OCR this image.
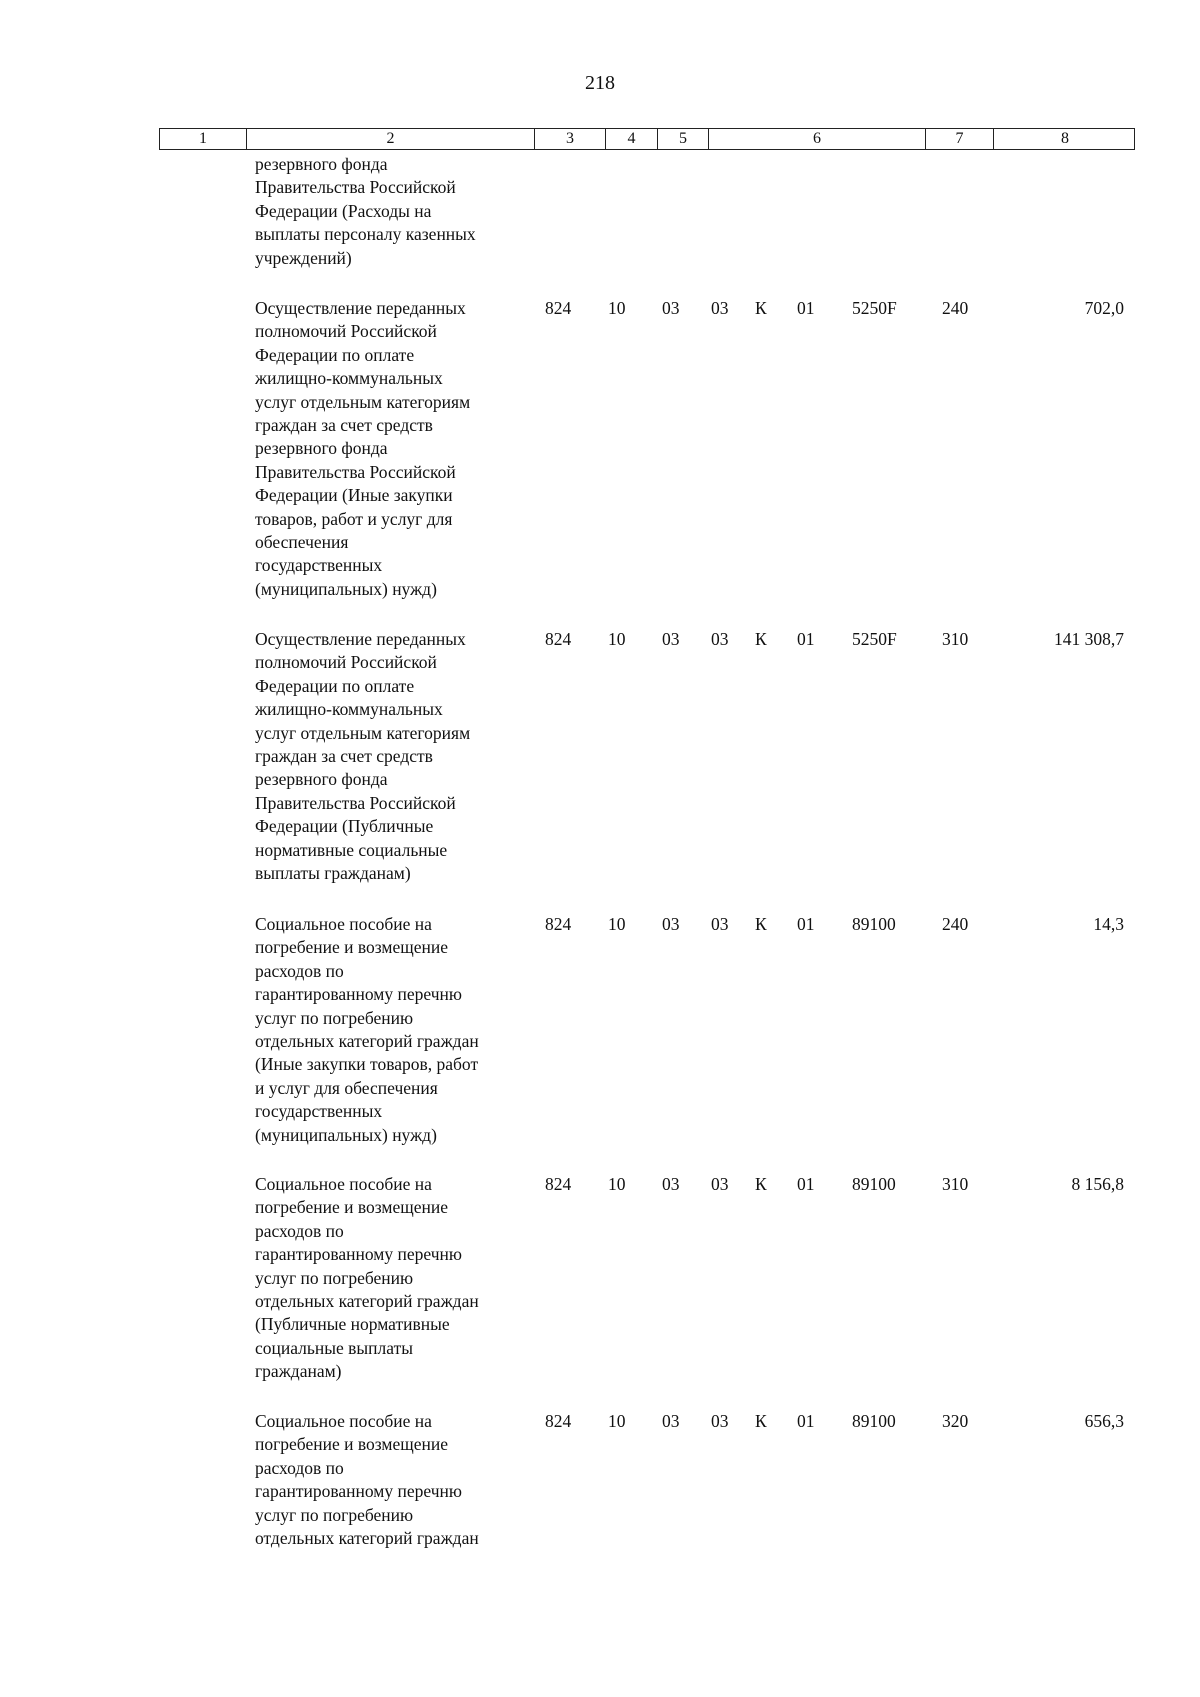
218
1	2	3	4	5	6	7	8
резервного фонда
Правительства Российской
Федерации (Расходы на
выплаты персоналу казенных
учреждений)
Осуществление переданных
полномочий Российской
Федерации по оплате
жилищно-коммунальных
услуг отдельным категориям
граждан за счет средств
резервного фонда
Правительства Российской
Федерации (Иные закупки
товаров, работ и услуг для
обеспечения
государственных
(муниципальных) нужд)
824 10 03 03 К 01 5250F	240	702,0
Осуществление переданных
полномочий Российской
Федерации по оплате
жилищно-коммунальных
услуг отдельным категориям
граждан за счет средств
резервного фонда
Правительства Российской
Федерации (Публичные
нормативные социальные
выплаты гражданам)
824 10 03 03 К 01 5250F	310	141 308,7
Социальное пособие на
погребение и возмещение
расходов по
гарантированному перечню
услуг по погребению
отдельных категорий граждан
(Иные закупки товаров, работ
и услуг для обеспечения
государственных
(муниципальных) нужд)
824 10 03 03 К 01 89100	240	14,3
Социальное пособие на
погребение и возмещение
расходов по
гарантированному перечню
услуг по погребению
отдельных категорий граждан
(Публичные нормативные
социальные выплаты
гражданам)
824 10 03 03 К 01 89100	310	8 156,8
Социальное пособие на
погребение и возмещение
расходов по
гарантированному перечню
услуг по погребению
отдельных категорий граждан
824 10 03 03 К 01 89100	320	656,3
